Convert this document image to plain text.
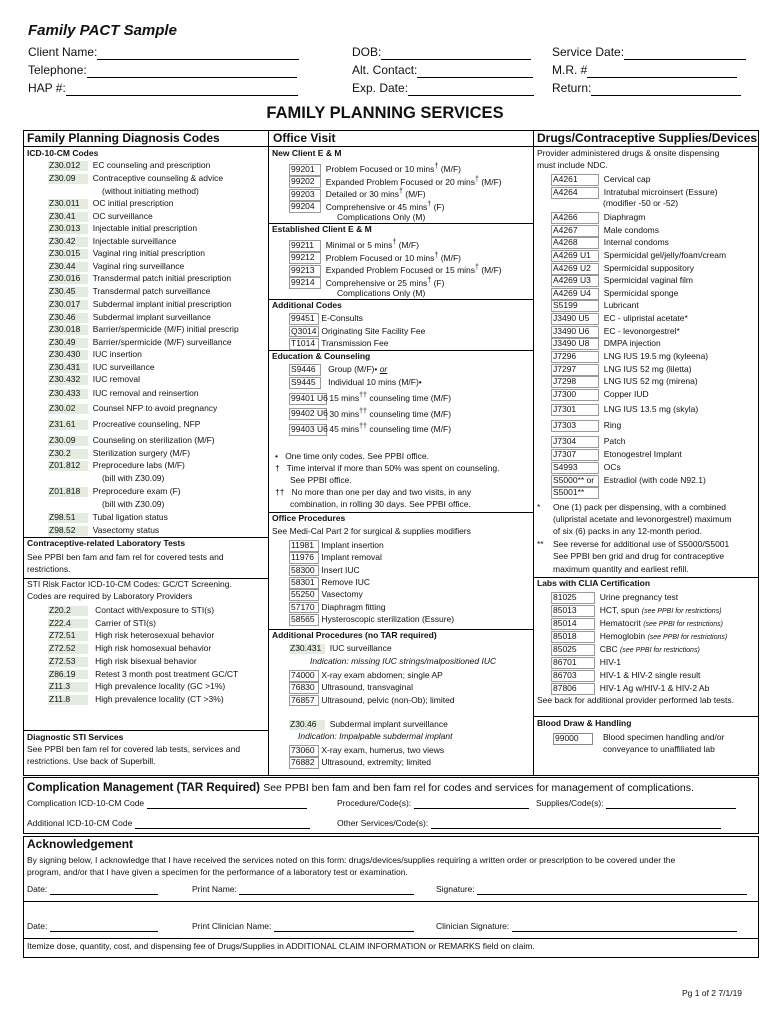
Family PACT Sample
Client Name:
Telephone:
HAP #:
DOB:
Alt. Contact:
Exp. Date:
Service Date:
M.R. #
Return:
FAMILY PLANNING SERVICES
Family Planning Diagnosis Codes	Office Visit	Drugs/Contraceptive Supplies/Devices
ICD-10-CM Codes
Z30.012  EC counseling and prescription
Z30.09  Contraceptive counseling & advice
(without initiating method)
Z30.011  OC initial prescription
Z30.41  OC surveillance
Z30.013  Injectable initial prescription
Z30.42  Injectable surveillance
Z30.015  Vaginal ring initial prescription
Z30.44  Vaginal ring surveillance
Z30.016  Transdermal patch initial prescription
Z30.45  Transdermal patch surveillance
Z30.017  Subdermal implant initial prescription
Z30.46  Subdermal implant surveillance
Z30.018  Barrier/spermicide (M/F) initial prescrip
Z30.49  Barrier/spermicide (M/F) surveillance
Z30.430  IUC insertion
Z30.431  IUC surveillance
Z30.432  IUC removal
Z30.433  IUC removal and reinsertion
Z30.02  Counsel NFP to avoid pregnancy
Z31.61  Procreative counseling, NFP
Z30.09  Counseling on sterilization (M/F)
Z30.2  Sterilization surgery (M/F)
Z01.812  Preprocedure labs (M/F)
(bill with Z30.09)
Z01.818  Preprocedure exam (F)
(bill with Z30.09)
Z98.51  Tubal ligation status
Z98.52  Vasectomy status
Contraceptive-related Laboratory Tests
See PPBI ben fam and fam rel for covered tests and
restrictions.
STI Risk Factor ICD-10-CM Codes: GC/CT Screening.
Codes are required by Laboratory Providers
Z20.2   Contact with/exposure to STI(s)
Z22.4   Carrier of STI(s)
Z72.51   High risk heterosexual behavior
Z72.52   High risk homosexual behavior
Z72.53   High risk bisexual behavior
Z86.19   Retest 3 month post treatment GC/CT
Z11.3   High prevalence locality (GC >1%)
Z11.8   High prevalence locality (CT >3%)
Diagnostic STI Services
See PPBI ben fam rel for covered lab tests, services and
restrictions. Use back of Superbill.
New Client E & M
99201  Problem Focused or 10 mins† (M/F)
99202  Expanded Problem Focused or 20 mins† (M/F)
99203  Detailed or 30 mins† (M/F)
99204  Comprehensive or 45 mins† (F)
Complications Only (M)
Established Client E & M
99211  Minimal or 5 mins† (M/F)
99212  Problem Focused or 10 mins† (M/F)
99213  Expanded Problem Focused or 15 mins† (M/F)
99214  Comprehensive or 25 mins† (F)
Complications Only (M)
Additional Codes
99451 E-Consults
Q3014 Originating Site Facility Fee
T1014 Transmission Fee
Education & Counseling
S9446   Group (M/F)• or
S9445   Individual 10 mins (M/F)•
99401 U6 15 mins†† counseling time (M/F)
99402 U6 30 mins†† counseling time (M/F)
99403 U6 45 mins†† counseling time (M/F)
•   One time only codes. See PPBI office.
†   Time interval if more than 50% was spent on counseling.
See PPBI office.
††   No more than one per day and two visits, in any
combination, in rolling 30 days. See PPBI office.
Office Procedures
See Medi-Cal Part 2 for surgical & supplies modifiers
11981 Implant insertion
11976 Implant removal
58300 Insert IUC
58301 Remove IUC
55250 Vasectomy
57170 Diaphragm fitting
58565 Hysteroscopic sterilization (Essure)
Additional Procedures (no TAR required)
Z30.431 IUC surveillance
Indication: missing IUC strings/malpositioned IUC
74000 X-ray exam abdomen; single AP
76830 Ultrasound, transvaginal
76857 Ultrasound, pelvic (non-Ob); limited
Z30.46 Subdermal implant surveillance
Indication: Impalpable subdermal implant
73060 X-ray exam, humerus, two views
76882 Ultrasound, extremity; limited
Provider administered drugs & onsite dispensing
must include NDC.
A4261	Cervical cap
A4264	Intratubal microinsert (Essure)
(modifier -50 or -52)
A4266	Diaphragm
A4267	Male condoms
A4268	Internal condoms
A4269 U1  Spermicidal gel/jelly/foam/cream
A4269 U2  Spermicidal suppository
A4269 U3  Spermicidal vaginal film
A4269 U4  Spermicidal sponge
S5199	Lubricant
J3490 U5  EC - ulipristal acetate*
J3490 U6  EC - levonorgestrel*
J3490 U8  DMPA injection
J7296	LNG IUS 19.5 mg (kyleena)
J7297	LNG IUS 52 mg (liletta)
J7298	LNG IUS 52 mg (mirena)
J7300	Copper IUD
J7301	LNG IUS 13.5 mg (skyla)
J7303	Ring
J7304	Patch
J7307	Etonogestrel Implant
S4993	OCs
S5000** or  Estradiol (with code N92.1)
S5001**
* One (1) pack per dispensing, with a combined
(ulipristal acetate and levonorgestrel) maximum
of six (6) packs in any 12-month period.
** See reverse for additional use of S5000/S5001
See PPBI ben grid and drug for contraceptive
maximum quantity and earliest refill.
Labs with CLIA Certification
81025  Urine pregnancy test
85013  HCT, spun (see PPBI for restrictions)
85014  Hematocrit (see PPBI for restrictions)
85018  Hemoglobin (see PPBI for restrictions)
85025  CBC (see PPBI for restrictions)
86701  HIV-1
86703  HIV-1 & HIV-2 single result
87806  HIV-1 Ag w/HIV-1 & HIV-2 Ab
See back for additional provider performed lab tests.
Blood Draw & Handling
99000	Blood specimen handling and/or
conveyance to unaffiliated lab
Complication Management (TAR Required) See PPBI ben fam and ben fam rel for codes and services for management of complications.
Complication ICD-10-CM Code	Procedure/Code(s):	Supplies/Code(s):
Additional ICD-10-CM Code	Other Services/Code(s):
Acknowledgement
By signing below, I acknowledge that I have received the services noted on this form: drugs/devices/supplies requiring a written order or prescription to be covered under the
program, and/or that I have given a specimen for the performance of a laboratory test or examination.
Date:	Print Name:	Signature:
Date:	Print Clinician Name:	Clinician Signature:
Itemize dose, quantity, cost, and dispensing fee of Drugs/Supplies in ADDITIONAL CLAIM INFORMATION or REMARKS field on claim.
Pg 1 of 2 7/1/19
